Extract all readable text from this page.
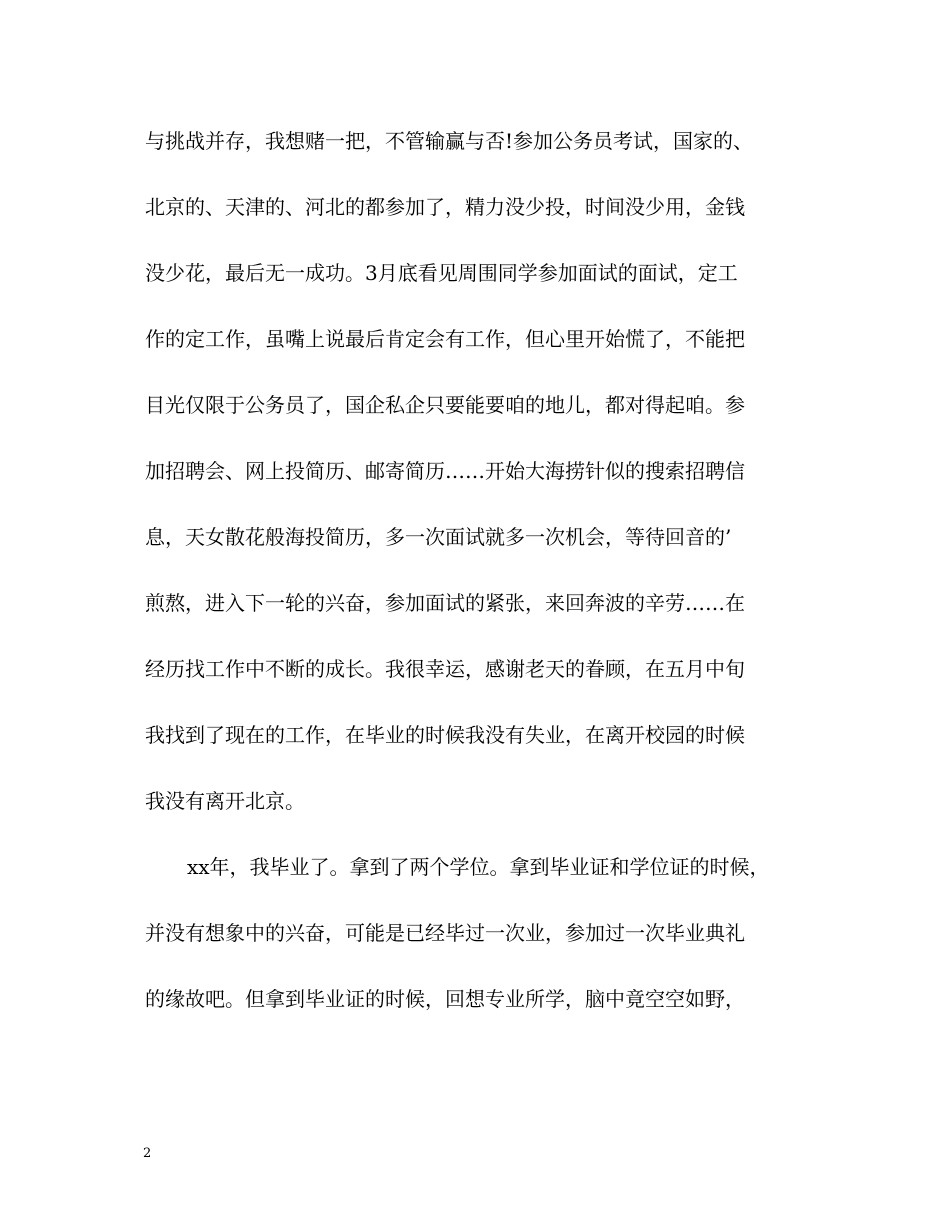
与挑战并存，我想赌一把，不管输赢与否!参加公务员考试，国家的、
北京的、天津的、河北的都参加了，精力没少投，时间没少用，金钱
没少花，最后无一成功。3月底看见周围同学参加面试的面试，定工
作的定工作，虽嘴上说最后肯定会有工作，但心里开始慌了，不能把
目光仅限于公务员了，国企私企只要能要咱的地儿，都对得起咱。参
加招聘会、网上投简历、邮寄简历……开始大海捞针似的搜索招聘信
息，天女散花般海投简历，多一次面试就多一次机会，等待回音的’
煎熬，进入下一轮的兴奋，参加面试的紧张，来回奔波的辛劳……在
经历找工作中不断的成长。我很幸运，感谢老天的眷顾，在五月中旬
我找到了现在的工作，在毕业的时候我没有失业，在离开校园的时候
我没有离开北京。
xx年，我毕业了。拿到了两个学位。拿到毕业证和学位证的时候，
并没有想象中的兴奋，可能是已经毕过一次业，参加过一次毕业典礼
的缘故吧。但拿到毕业证的时候，回想专业所学，脑中竟空空如野，
2
